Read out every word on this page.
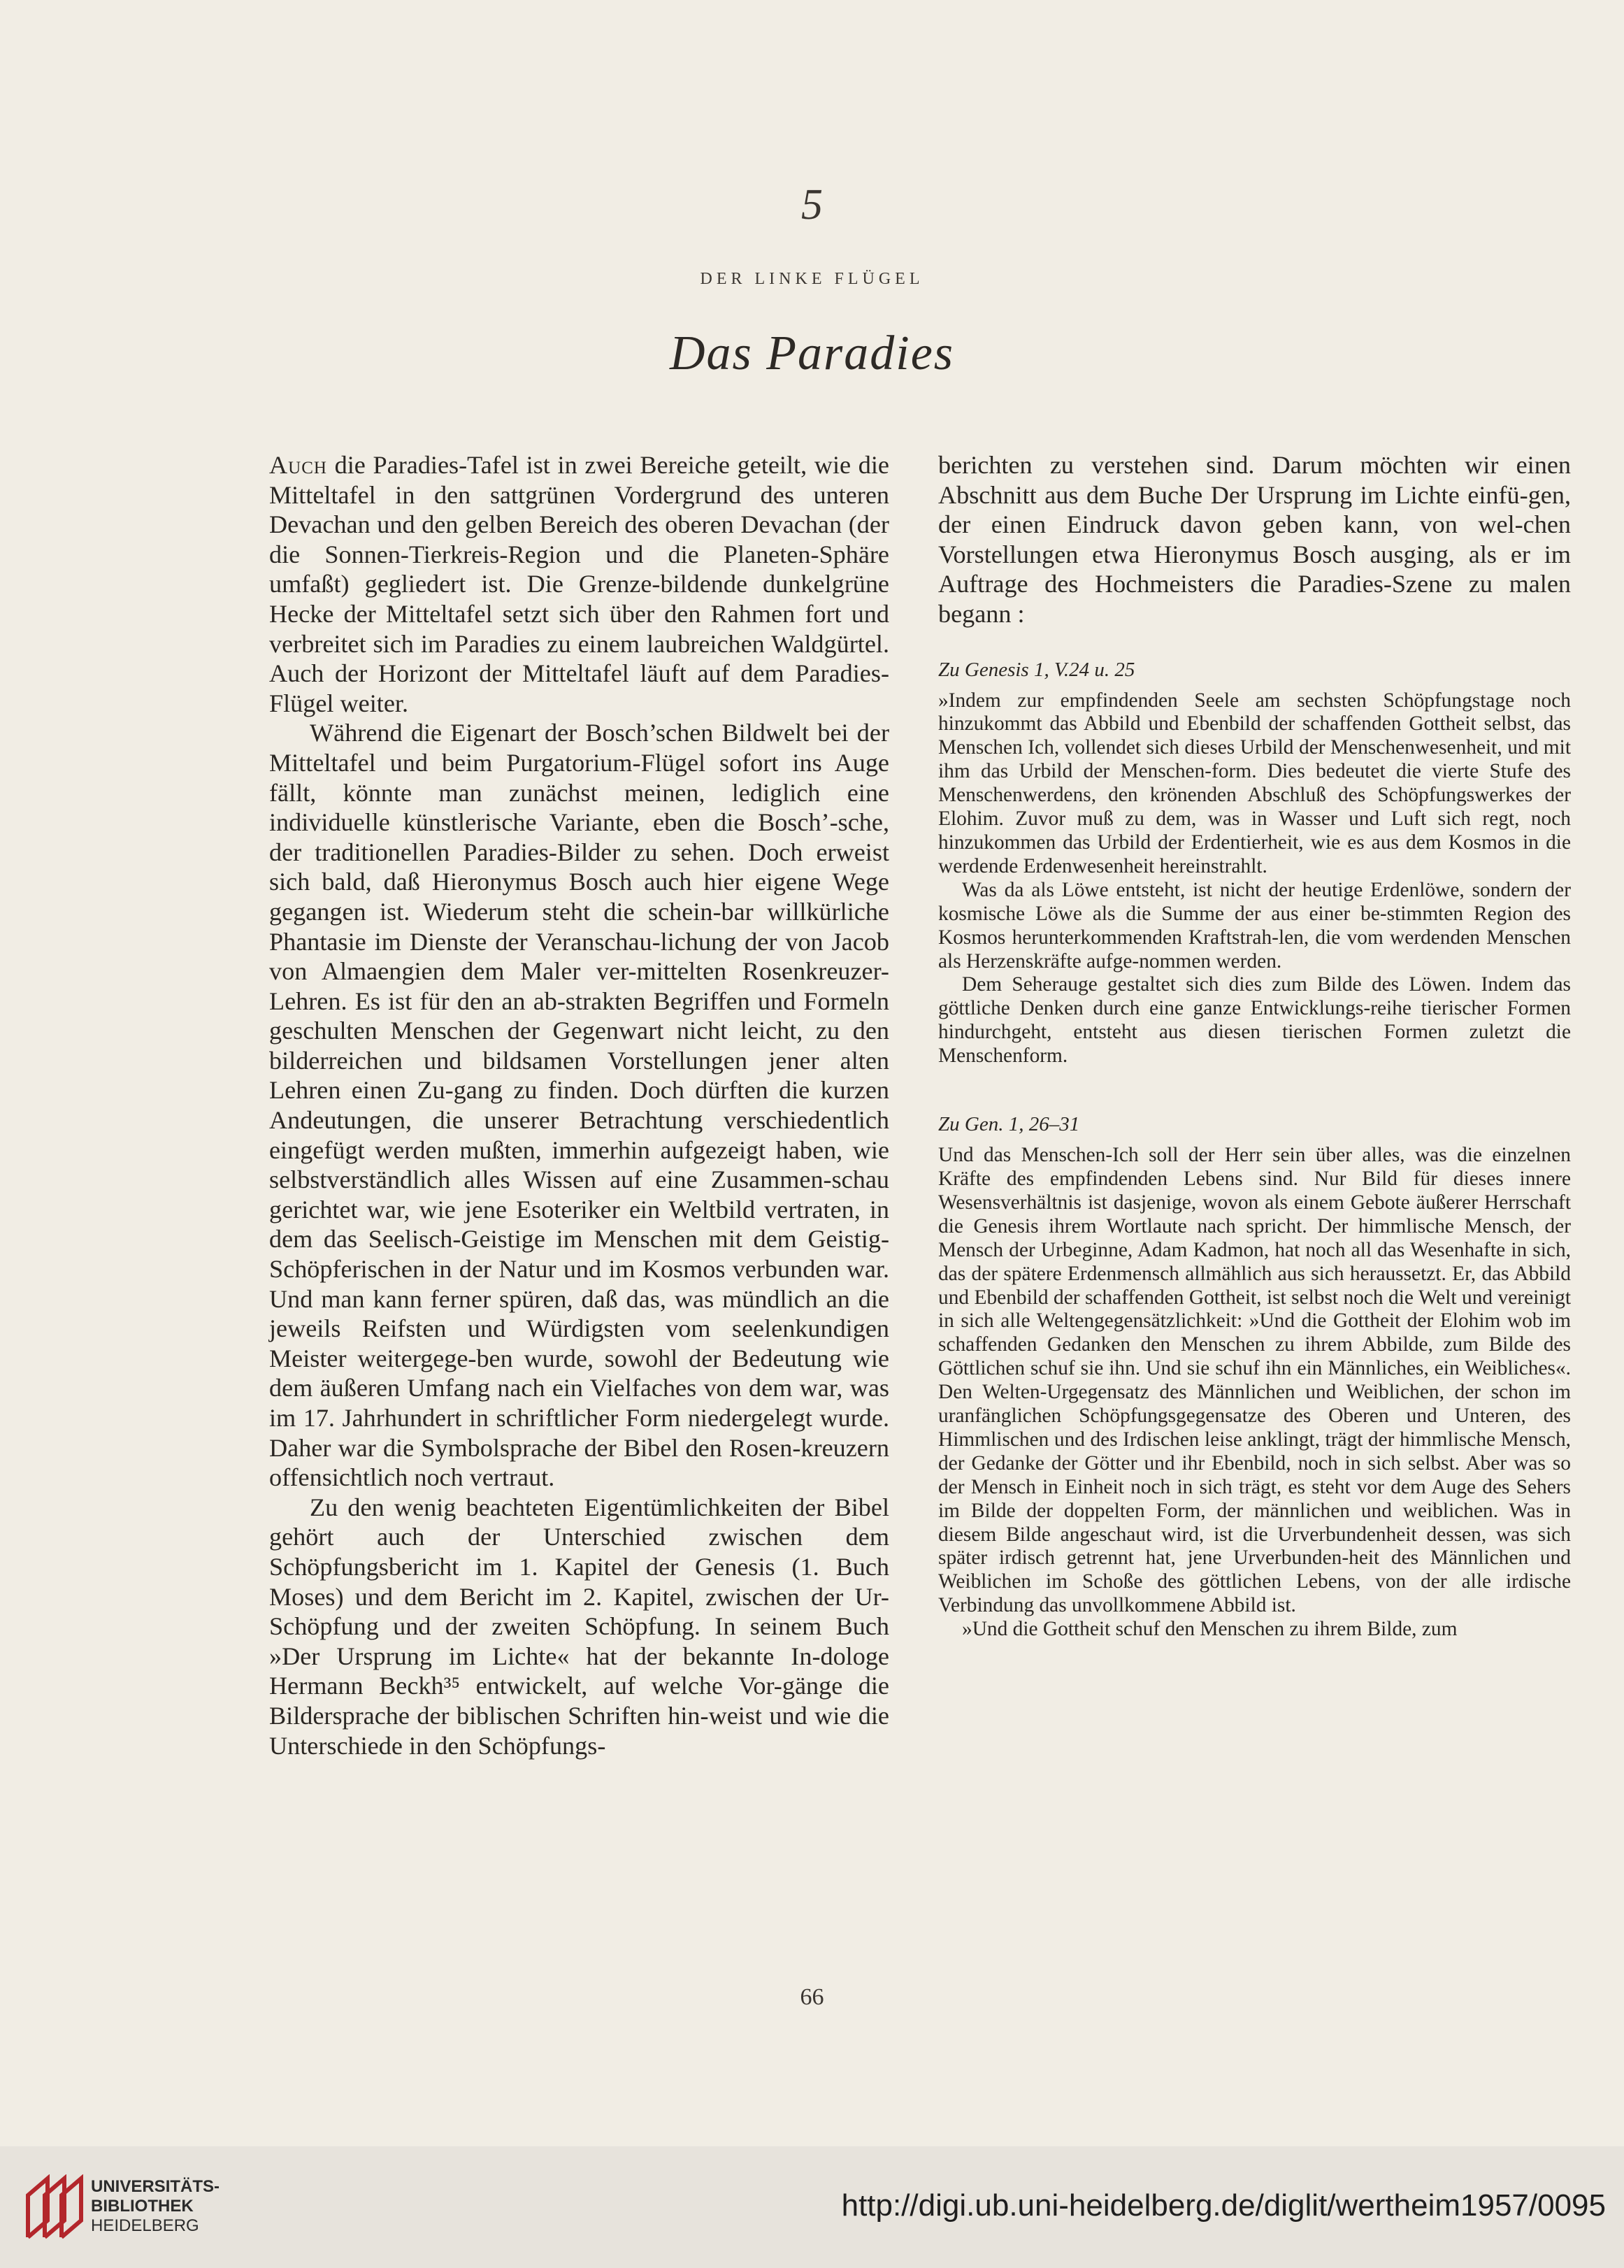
5
DER LINKE FLÜGEL
Das Paradies

Auch die Paradies-Tafel ist in zwei Bereiche geteilt, wie die Mitteltafel in den sattgrünen Vordergrund des unteren Devachan und den gelben Bereich des oberen Devachan (der die Sonnen-Tierkreis-Region und die Planeten-Sphäre umfaßt) gegliedert ist. Die Grenze-bildende dunkelgrüne Hecke der Mitteltafel setzt sich über den Rahmen fort und verbreitet sich im Paradies zu einem laubreichen Waldgürtel. Auch der Horizont der Mitteltafel läuft auf dem Paradies-Flügel weiter.

Während die Eigenart der Bosch’schen Bildwelt bei der Mitteltafel und beim Purgatorium-Flügel sofort ins Auge fällt, könnte man zunächst meinen, lediglich eine individuelle künstlerische Variante, eben die Bosch’-sche, der traditionellen Paradies-Bilder zu sehen. Doch erweist sich bald, daß Hieronymus Bosch auch hier eigene Wege gegangen ist. Wiederum steht die schein-bar willkürliche Phantasie im Dienste der Veranschau-lichung der von Jacob von Almaengien dem Maler ver-mittelten Rosenkreuzer-Lehren. Es ist für den an ab-strakten Begriffen und Formeln geschulten Menschen der Gegenwart nicht leicht, zu den bilderreichen und bildsamen Vorstellungen jener alten Lehren einen Zu-gang zu finden. Doch dürften die kurzen Andeutungen, die unserer Betrachtung verschiedentlich eingefügt werden mußten, immerhin aufgezeigt haben, wie selbstverständlich alles Wissen auf eine Zusammen-schau gerichtet war, wie jene Esoteriker ein Weltbild vertraten, in dem das Seelisch-Geistige im Menschen mit dem Geistig-Schöpferischen in der Natur und im Kosmos verbunden war. Und man kann ferner spüren, daß das, was mündlich an die jeweils Reifsten und Würdigsten vom seelenkundigen Meister weitergege-ben wurde, sowohl der Bedeutung wie dem äußeren Umfang nach ein Vielfaches von dem war, was im 17. Jahrhundert in schriftlicher Form niedergelegt wurde. Daher war die Symbolsprache der Bibel den Rosen-kreuzern offensichtlich noch vertraut.

Zu den wenig beachteten Eigentümlichkeiten der Bibel gehört auch der Unterschied zwischen dem Schöpfungsbericht im 1. Kapitel der Genesis (1. Buch Moses) und dem Bericht im 2. Kapitel, zwischen der Ur-Schöpfung und der zweiten Schöpfung. In seinem Buch »Der Ursprung im Lichte« hat der bekannte In-dologe Hermann Beckh³⁵ entwickelt, auf welche Vor-gänge die Bildersprache der biblischen Schriften hin-weist und wie die Unterschiede in den Schöpfungs-

berichten zu verstehen sind. Darum möchten wir einen Abschnitt aus dem Buche Der Ursprung im Lichte einfü-gen, der einen Eindruck davon geben kann, von wel-chen Vorstellungen etwa Hieronymus Bosch ausging, als er im Auftrage des Hochmeisters die Paradies-Szene zu malen begann :

Zu Genesis 1, V.24 u. 25

»Indem zur empfindenden Seele am sechsten Schöpfungstage noch hinzukommt das Abbild und Ebenbild der schaffenden Gottheit selbst, das Menschen Ich, vollendet sich dieses Urbild der Menschenwesenheit, und mit ihm das Urbild der Menschen-form. Dies bedeutet die vierte Stufe des Menschenwerdens, den krönenden Abschluß des Schöpfungswerkes der Elohim. Zuvor muß zu dem, was in Wasser und Luft sich regt, noch hinzukommen das Urbild der Erdentierheit, wie es aus dem Kosmos in die werdende Erdenwesenheit hereinstrahlt.

Was da als Löwe entsteht, ist nicht der heutige Erdenlöwe, sondern der kosmische Löwe als die Summe der aus einer be-stimmten Region des Kosmos herunterkommenden Kraftstrah-len, die vom werdenden Menschen als Herzenskräfte aufge-nommen werden.

Dem Seherauge gestaltet sich dies zum Bilde des Löwen. Indem das göttliche Denken durch eine ganze Entwicklungs-reihe tierischer Formen hindurchgeht, entsteht aus diesen tierischen Formen zuletzt die Menschenform.

Zu Gen. 1, 26–31

Und das Menschen-Ich soll der Herr sein über alles, was die einzelnen Kräfte des empfindenden Lebens sind. Nur Bild für dieses innere Wesensverhältnis ist dasjenige, wovon als einem Gebote äußerer Herrschaft die Genesis ihrem Wortlaute nach spricht. Der himmlische Mensch, der Mensch der Urbeginne, Adam Kadmon, hat noch all das Wesenhafte in sich, das der spätere Erdenmensch allmählich aus sich heraussetzt. Er, das Abbild und Ebenbild der schaffenden Gottheit, ist selbst noch die Welt und vereinigt in sich alle Weltengegensätzlichkeit: »Und die Gottheit der Elohim wob im schaffenden Gedanken den Menschen zu ihrem Abbilde, zum Bilde des Göttlichen schuf sie ihn. Und sie schuf ihn ein Männliches, ein Weibliches«. Den Welten-Urgegensatz des Männlichen und Weiblichen, der schon im uranfänglichen Schöpfungsgegensatze des Oberen und Unteren, des Himmlischen und des Irdischen leise anklingt, trägt der himmlische Mensch, der Gedanke der Götter und ihr Ebenbild, noch in sich selbst. Aber was so der Mensch in Einheit noch in sich trägt, es steht vor dem Auge des Sehers im Bilde der doppelten Form, der männlichen und weiblichen. Was in diesem Bilde angeschaut wird, ist die Urverbundenheit dessen, was sich später irdisch getrennt hat, jene Urverbunden-heit des Männlichen und Weiblichen im Schoße des göttlichen Lebens, von der alle irdische Verbindung das unvollkommene Abbild ist.

»Und die Gottheit schuf den Menschen zu ihrem Bilde, zum

66
UNIVERSITÄTS-
BIBLIOTHEK
HEIDELBERG
http://digi.ub.uni-heidelberg.de/diglit/wertheim1957/0095
